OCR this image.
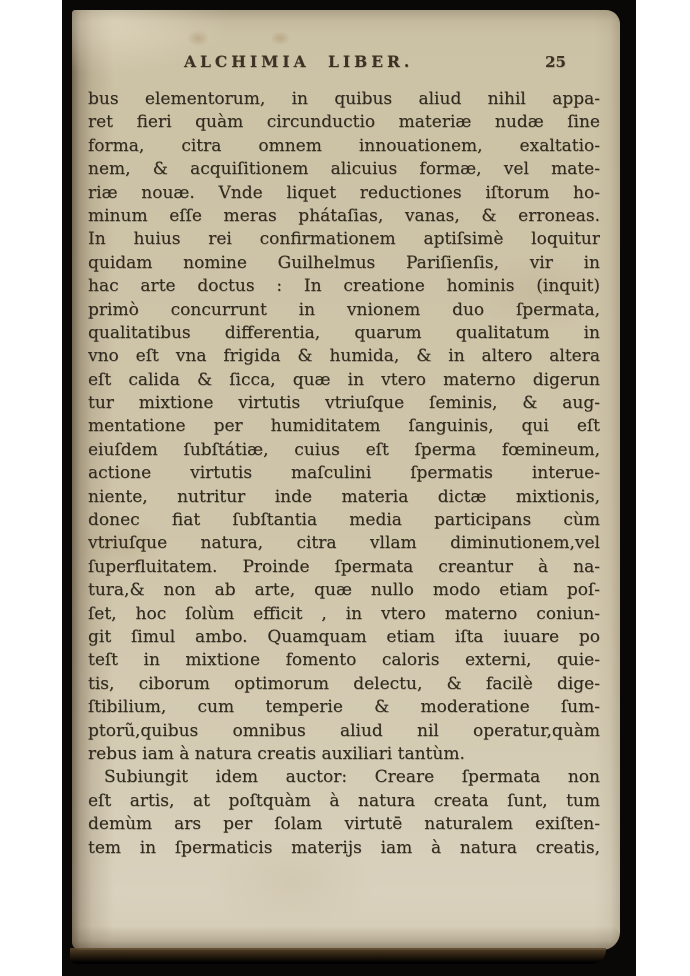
ALCHIMIA LIBER.	25
bus elementorum, in quibus aliud nihil appa-
ret fieri quàm circunductio materiæ nudæ ſine
forma, citra omnem innouationem, exaltatio-
nem, & acquiſitionem alicuius formæ, vel mate-
riæ nouæ. Vnde liquet reductiones iſtorum ho-
minum eſſe meras phátaſias, vanas, & erroneas.
In huius rei confirmationem aptiſsimè loquitur
quidam nomine Guilhelmus Pariſienſis, vir in
hac arte doctus : In creatione hominis (inquit)
primò concurrunt in vnionem duo ſpermata,
qualitatibus differentia, quarum qualitatum in
vno eſt vna frigida & humida, & in altero altera
eſt calida & ſicca, quæ in vtero materno digerun
tur mixtione virtutis vtriuſque ſeminis, & aug-
mentatione per humiditatem ſanguinis, qui eſt
eiuſdem ſubſtátiæ, cuius eſt ſperma fœmineum,
actione virtutis maſculini ſpermatis interue-
niente, nutritur inde materia dictæ mixtionis,
donec fiat ſubſtantia media participans cùm
vtriuſque natura, citra vllam diminutionem,vel
ſuperfluitatem. Proinde ſpermata creantur à na-
tura,& non ab arte, quæ nullo modo etiam poſ-
ſet, hoc ſolùm efficit , in vtero materno coniun-
git ſimul ambo. Quamquam etiam iſta iuuare po
teſt in mixtione fomento caloris externi, quie-
tis, ciborum optimorum delectu, & facilè dige-
ſtibilium, cum temperie & moderatione ſum-
ptorũ,quibus omnibus aliud nil operatur,quàm
rebus iam à natura creatis auxiliari tantùm.
Subiungit idem auctor: Creare ſpermata non
eſt artis, at poſtquàm à natura creata ſunt, tum
demùm ars per ſolam virtutē naturalem exiſten-
tem in ſpermaticis materijs iam à natura creatis,
